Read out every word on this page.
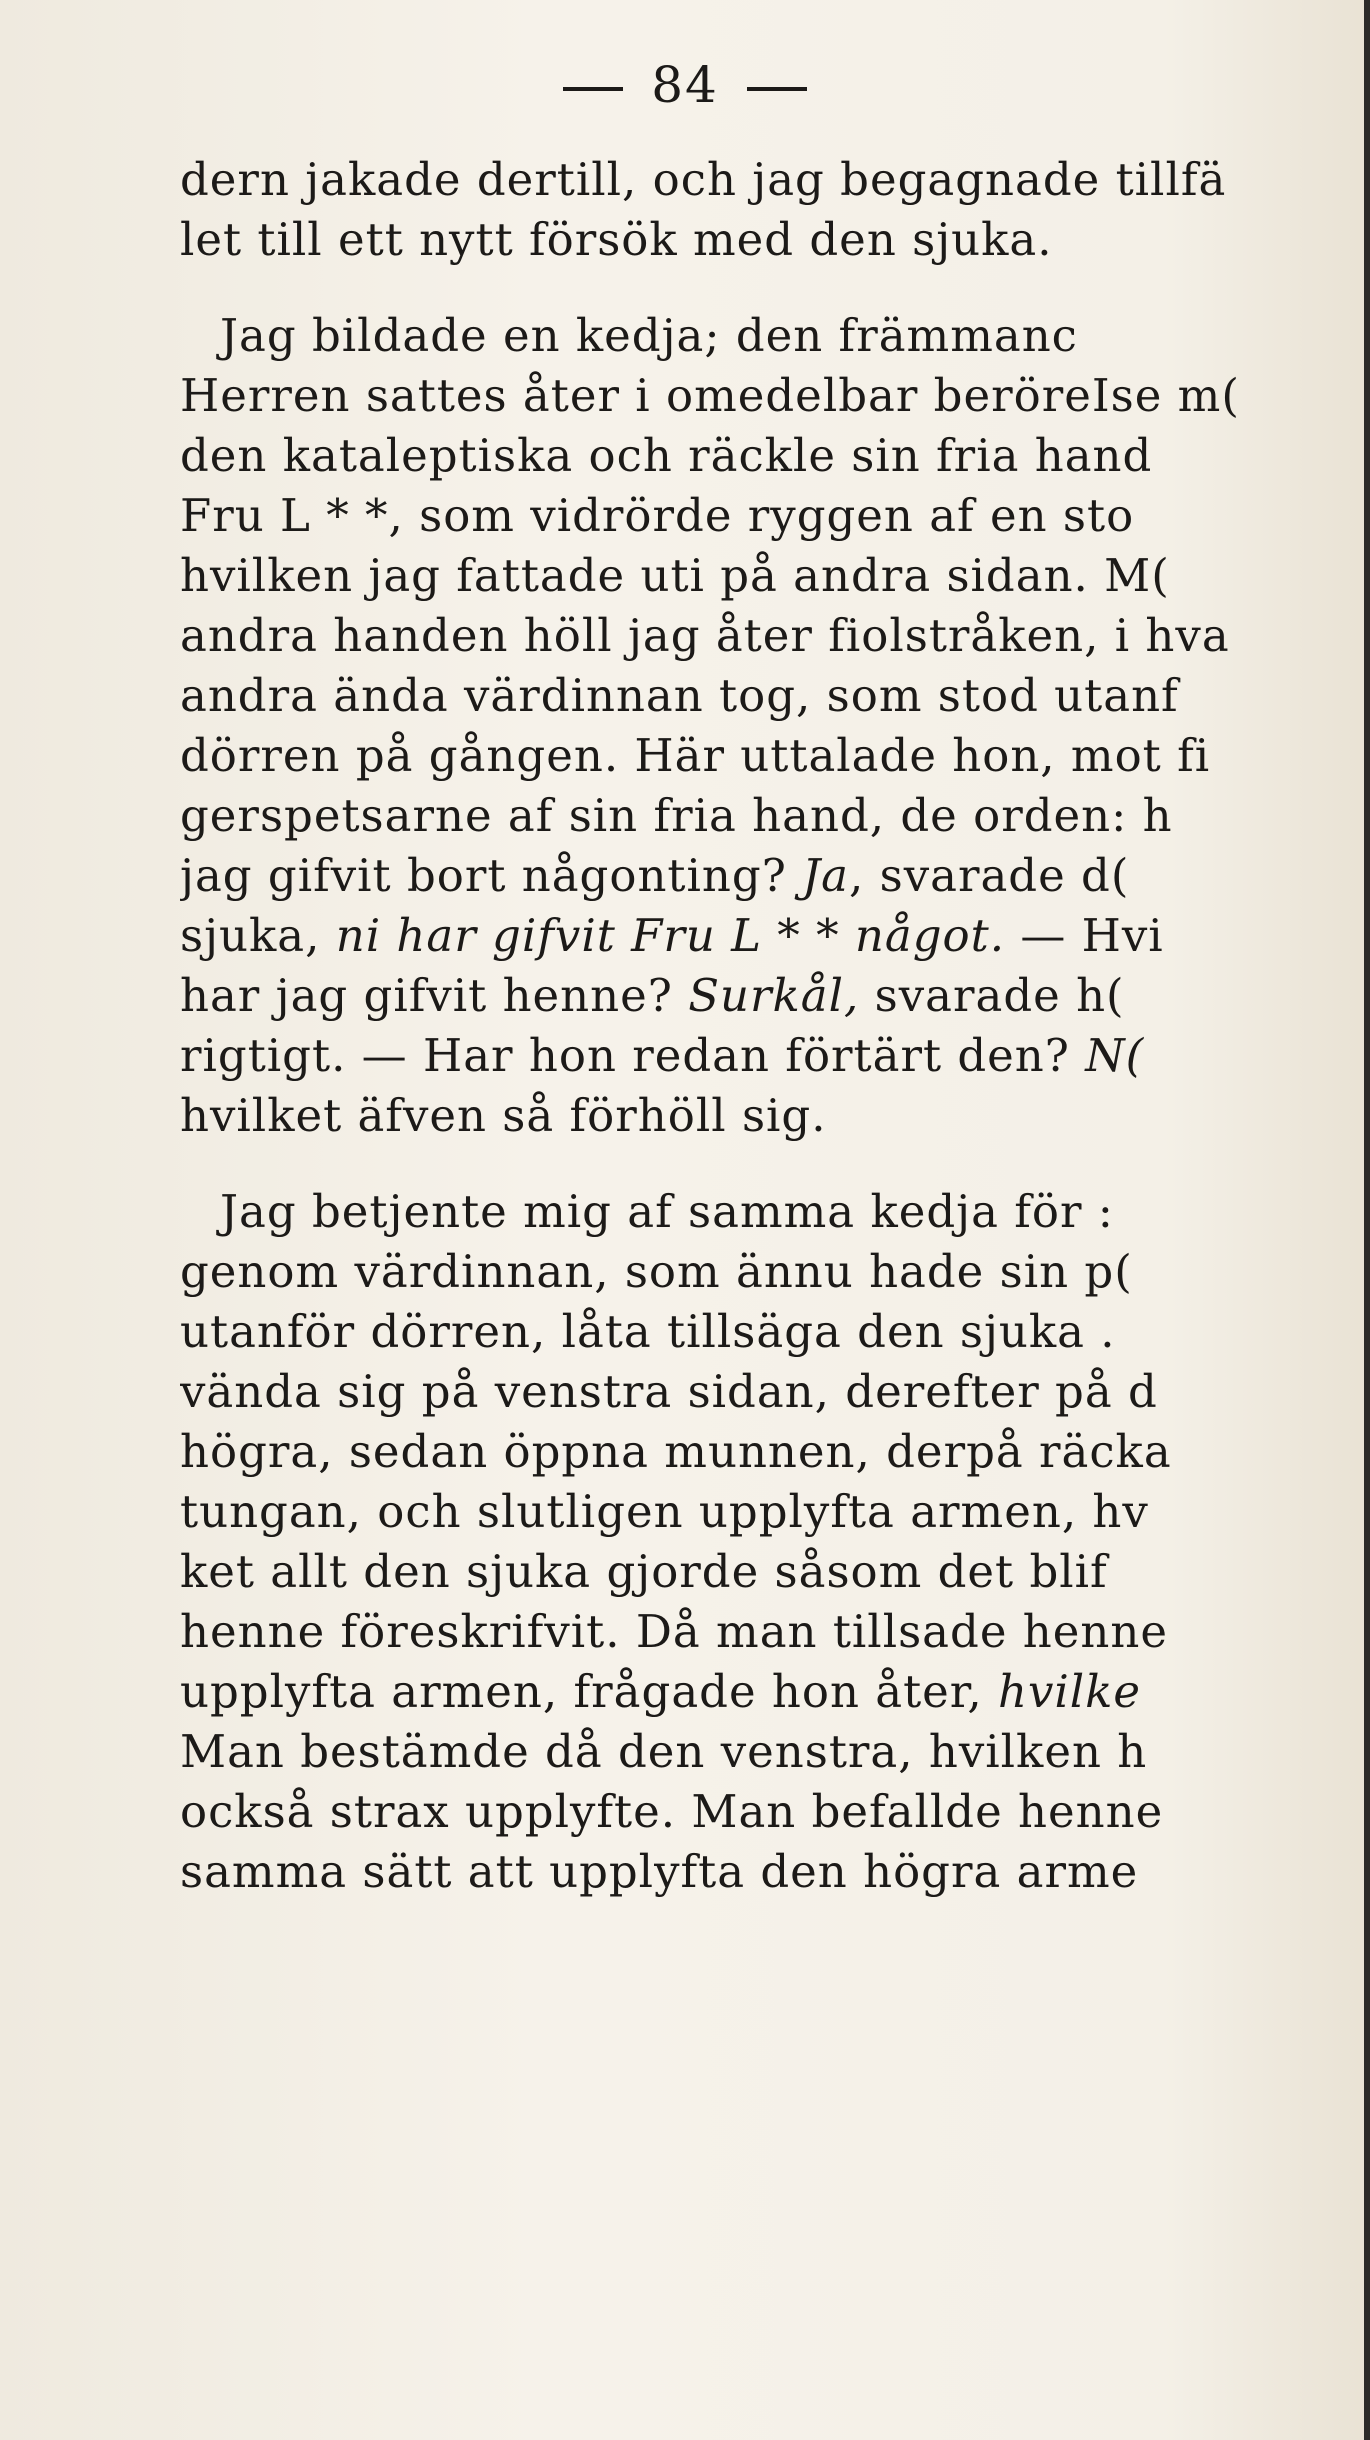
84
dern jakade dertill, och jag begagnade tillfä
let till ett nytt försök med den sjuka.
Jag bildade en kedja; den främmanc
Herren sattes åter i omedelbar beröreIse m(
den kataleptiska och räckle sin fria hand
Fru L * *, som vidrörde ryggen af en sto
hvilken jag fattade uti på andra sidan. M(
andra handen höll jag åter fiolstråken, i hva
andra ända värdinnan tog, som stod utanf
dörren på gången. Här uttalade hon, mot fi
gerspetsarne af sin fria hand, de orden: h
jag gifvit bort någonting? Ja, svarade d(
sjuka, ni har gifvit Fru L * * något. — Hvi
har jag gifvit henne? Surkål, svarade h(
rigtigt. — Har hon redan förtärt den? N(
hvilket äfven så förhöll sig.
Jag betjente mig af samma kedja för :
genom värdinnan, som ännu hade sin p(
utanför dörren, låta tillsäga den sjuka .
vända sig på venstra sidan, derefter på d
högra, sedan öppna munnen, derpå räcka
tungan, och slutligen upplyfta armen, hv
ket allt den sjuka gjorde såsom det blif
henne föreskrifvit. Då man tillsade henne
upplyfta armen, frågade hon åter, hvilke
Man bestämde då den venstra, hvilken h
också strax upplyfte. Man befallde henne
samma sätt att upplyfta den högra arme
